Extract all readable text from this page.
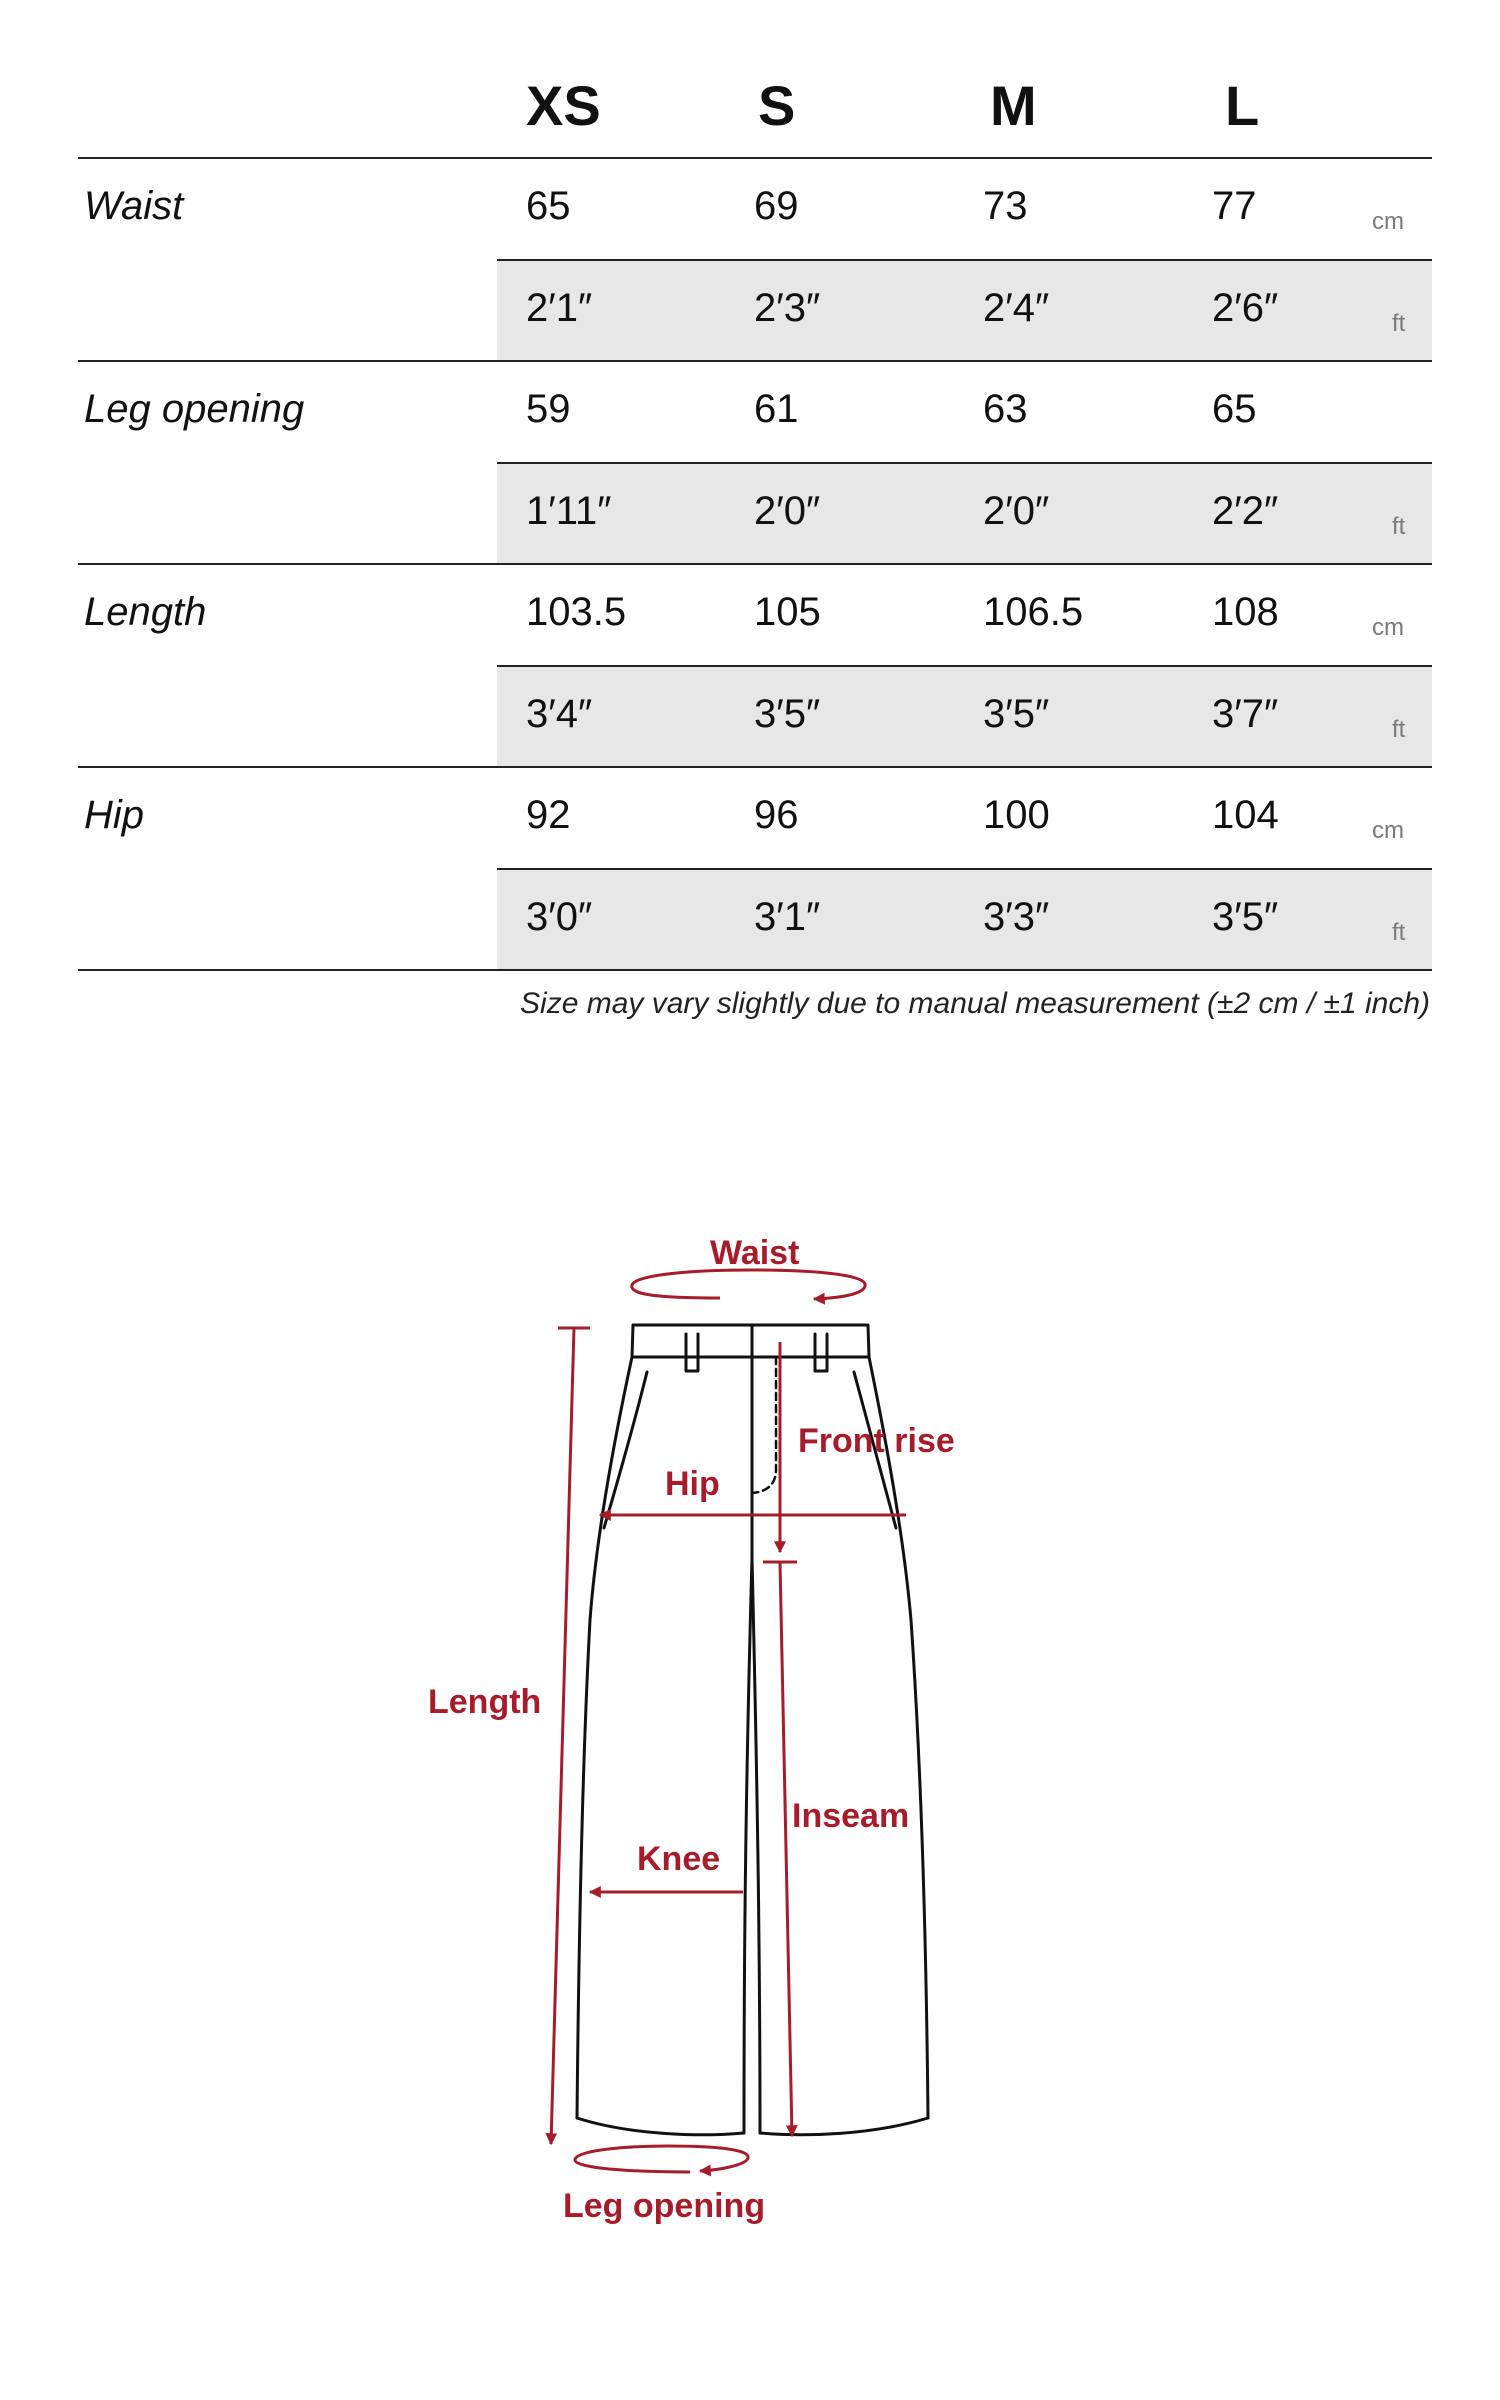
XS	S	M	L
Waist	65	69	73	77	cm
2′1″	2′3″	2′4″	2′6″	ft
Leg opening	59	61	63	65
1′11″	2′0″	2′0″	2′2″	ft
Length	103.5	105	106.5	108	cm
3′4″	3′5″	3′5″	3′7″	ft
Hip	92	96	100	104	cm
3′0″	3′1″	3′3″	3′5″	ft
Size may vary slightly due to manual measurement (±2 cm / ±1 inch)
Waist
Front rise
Hip
Length
Inseam
Knee
Leg opening
